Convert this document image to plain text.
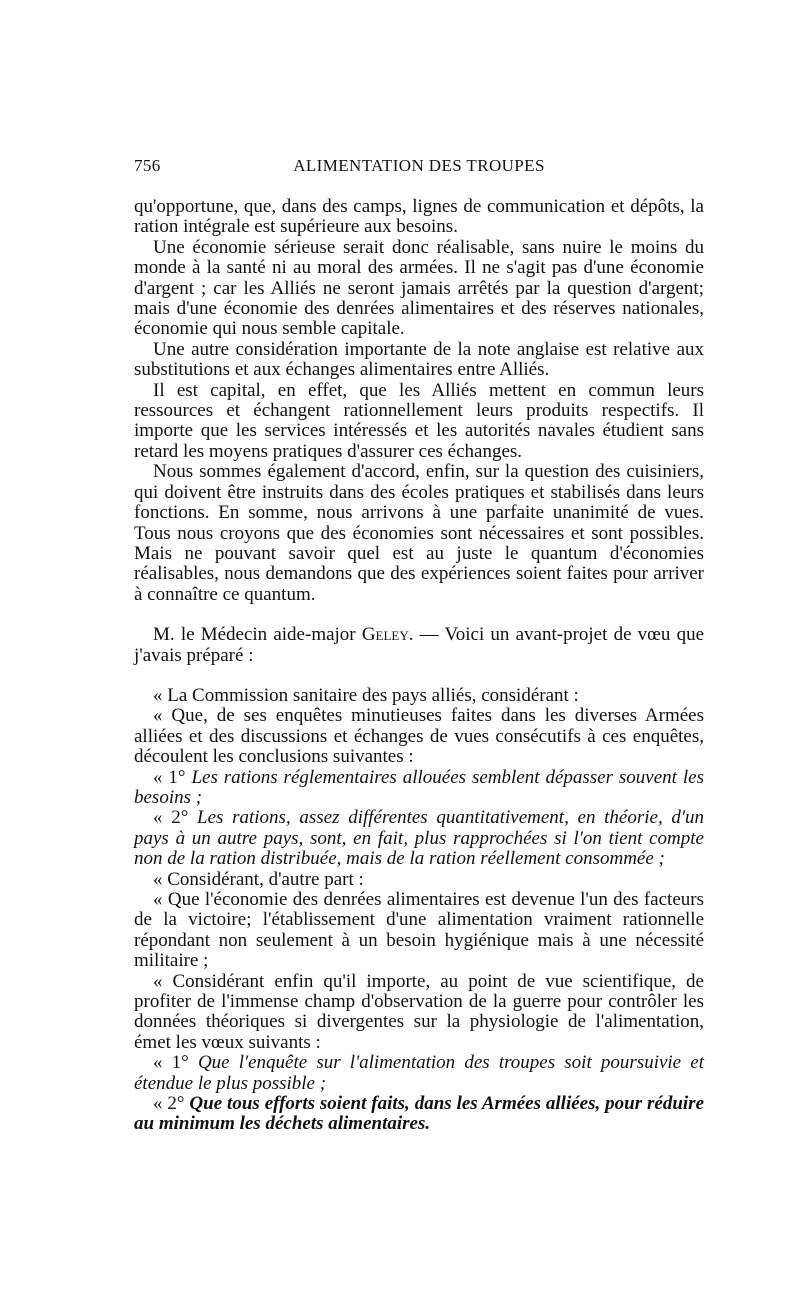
756	ALIMENTATION DES TROUPES

qu'opportune, que, dans des camps, lignes de communication et dépôts, la ration intégrale est supérieure aux besoins.

Une économie sérieuse serait donc réalisable, sans nuire le moins du monde à la santé ni au moral des armées. Il ne s'agit pas d'une économie d'argent ; car les Alliés ne seront jamais arrêtés par la question d'argent; mais d'une économie des denrées alimentaires et des réserves nationales, économie qui nous semble capitale.

Une autre considération importante de la note anglaise est relative aux substitutions et aux échanges alimentaires entre Alliés.

Il est capital, en effet, que les Alliés mettent en commun leurs ressources et échangent rationnellement leurs produits respectifs. Il importe que les services intéressés et les autorités navales étudient sans retard les moyens pratiques d'assurer ces échanges.

Nous sommes également d'accord, enfin, sur la question des cuisiniers, qui doivent être instruits dans des écoles pratiques et stabilisés dans leurs fonctions. En somme, nous arrivons à une parfaite unanimité de vues. Tous nous croyons que des économies sont nécessaires et sont possibles. Mais ne pouvant savoir quel est au juste le quantum d'économies réalisables, nous demandons que des expériences soient faites pour arriver à connaître ce quantum.

M. le Médecin aide-major Geley. — Voici un avant-projet de vœu que j'avais préparé :

« La Commission sanitaire des pays alliés, considérant :

« Que, de ses enquêtes minutieuses faites dans les diverses Armées alliées et des discussions et échanges de vues consécutifs à ces enquêtes, découlent les conclusions suivantes :

« 1° Les rations réglementaires allouées semblent dépasser souvent les besoins ;

« 2° Les rations, assez différentes quantitativement, en théorie, d'un pays à un autre pays, sont, en fait, plus rapprochées si l'on tient compte non de la ration distribuée, mais de la ration réellement consommée ;

« Considérant, d'autre part :

« Que l'économie des denrées alimentaires est devenue l'un des facteurs de la victoire; l'établissement d'une alimentation vraiment rationnelle répondant non seulement à un besoin hygiénique mais à une nécessité militaire ;

« Considérant enfin qu'il importe, au point de vue scientifique, de profiter de l'immense champ d'observation de la guerre pour contrôler les données théoriques si divergentes sur la physiologie de l'alimentation, émet les vœux suivants :

« 1° Que l'enquête sur l'alimentation des troupes soit poursuivie et étendue le plus possible ;

« 2° Que tous efforts soient faits, dans les Armées alliées, pour réduire au minimum les déchets alimentaires.
